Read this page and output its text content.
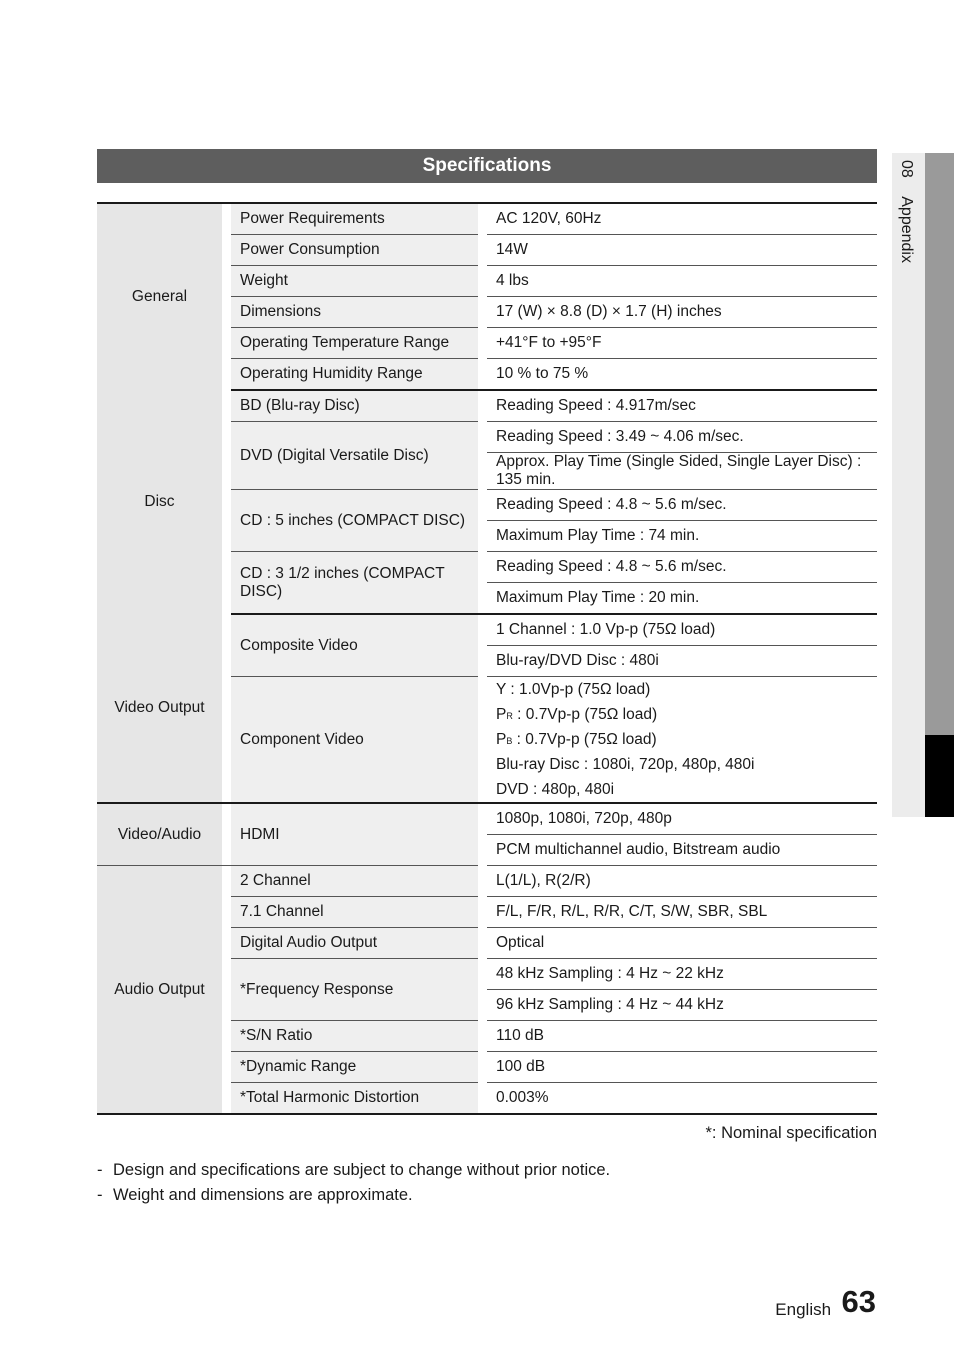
Specifications	08 Appendix
General		Power Requirements		AC 120V, 60Hz
		Power Consumption		14W
		Weight		4 lbs
		Dimensions		17 (W) × 8.8 (D) × 1.7 (H) inches
		Operating Temperature Range		+41°F to +95°F
		Operating Humidity Range		10 % to 75 %
Disc		BD (Blu-ray Disc)		Reading Speed : 4.917m/sec
		DVD (Digital Versatile Disc)		Reading Speed : 3.49 ~ 4.06 m/sec.
				Approx. Play Time (Single Sided, Single Layer Disc) : 135 min.
		CD : 5 inches (COMPACT DISC)		Reading Speed : 4.8 ~ 5.6 m/sec.
				Maximum Play Time : 74 min.
		CD : 3 1/2 inches (COMPACT DISC)		Reading Speed : 4.8 ~ 5.6 m/sec.
				Maximum Play Time : 20 min.
Video Output		Composite Video		1 Channel : 1.0 Vp-p (75Ω load)
				Blu-ray/DVD Disc : 480i
		Component Video		Y : 1.0Vp-p (75Ω load)
PR : 0.7Vp-p (75Ω load)
PB : 0.7Vp-p (75Ω load)
Blu-ray Disc : 1080i, 720p, 480p, 480i
DVD : 480p, 480i

Video/Audio		HDMI		1080p, 1080i, 720p, 480p
				PCM multichannel audio, Bitstream audio
Audio Output		2 Channel		L(1/L), R(2/R)
		7.1 Channel		F/L, F/R, R/L, R/R, C/T, S/W, SBR, SBL
		Digital Audio Output		Optical
		*Frequency Response		48 kHz Sampling : 4 Hz ~ 22 kHz
				96 kHz Sampling : 4 Hz ~ 44 kHz
		*S/N Ratio		110 dB
		*Dynamic Range		100 dB
		*Total Harmonic Distortion		0.003%
*: Nominal specification
- Design and specifications are subject to change without prior notice.
- Weight and dimensions are approximate.
English 63
